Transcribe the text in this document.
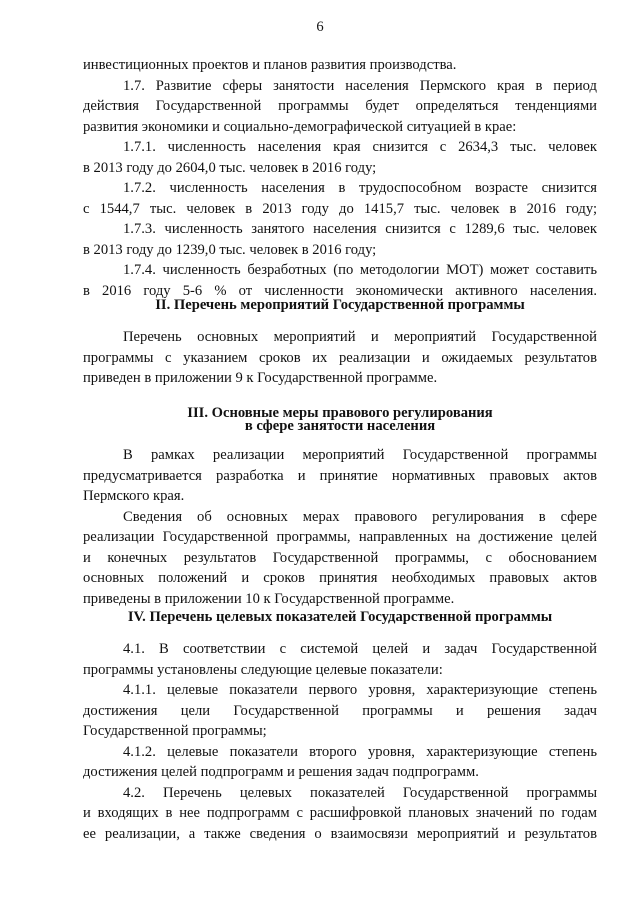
6
инвестиционных проектов и планов развития производства.
1.7. Развитие сферы занятости населения Пермского края в период
действия Государственной программы будет определяться тенденциями
развития экономики и социально-демографической ситуацией в крае:
1.7.1. численность населения края снизится с 2634,3 тыс. человек
в 2013 году до 2604,0 тыс. человек в 2016 году;
1.7.2. численность населения в трудоспособном возрасте снизится
с 1544,7 тыс. человек в 2013 году до 1415,7 тыс. человек в 2016 году;
1.7.3. численность занятого населения снизится с 1289,6 тыс. человек
в 2013 году до 1239,0 тыс. человек в 2016 году;
1.7.4. численность безработных (по методологии МОТ) может составить
в 2016 году 5-6 % от численности экономически активного населения.
II. Перечень мероприятий Государственной программы
Перечень основных мероприятий и мероприятий Государственной
программы с указанием сроков их реализации и ожидаемых результатов
приведен в приложении 9 к Государственной программе.
III. Основные меры правового регулирования
в сфере занятости населения
В рамках реализации мероприятий Государственной программы
предусматривается разработка и принятие нормативных правовых актов
Пермского края.
Сведения об основных мерах правового регулирования в сфере
реализации Государственной программы, направленных на достижение целей
и конечных результатов Государственной программы, с обоснованием
основных положений и сроков принятия необходимых правовых актов
приведены в приложении 10 к Государственной программе.
IV. Перечень целевых показателей Государственной программы
4.1. В соответствии с системой целей и задач Государственной
программы установлены следующие целевые показатели:
4.1.1. целевые показатели первого уровня, характеризующие степень
достижения цели Государственной программы и решения задач
Государственной программы;
4.1.2. целевые показатели второго уровня, характеризующие степень
достижения целей подпрограмм и решения задач подпрограмм.
4.2. Перечень целевых показателей Государственной программы
и входящих в нее подпрограмм с расшифровкой плановых значений по годам
ее реализации, а также сведения о взаимосвязи мероприятий и результатов
